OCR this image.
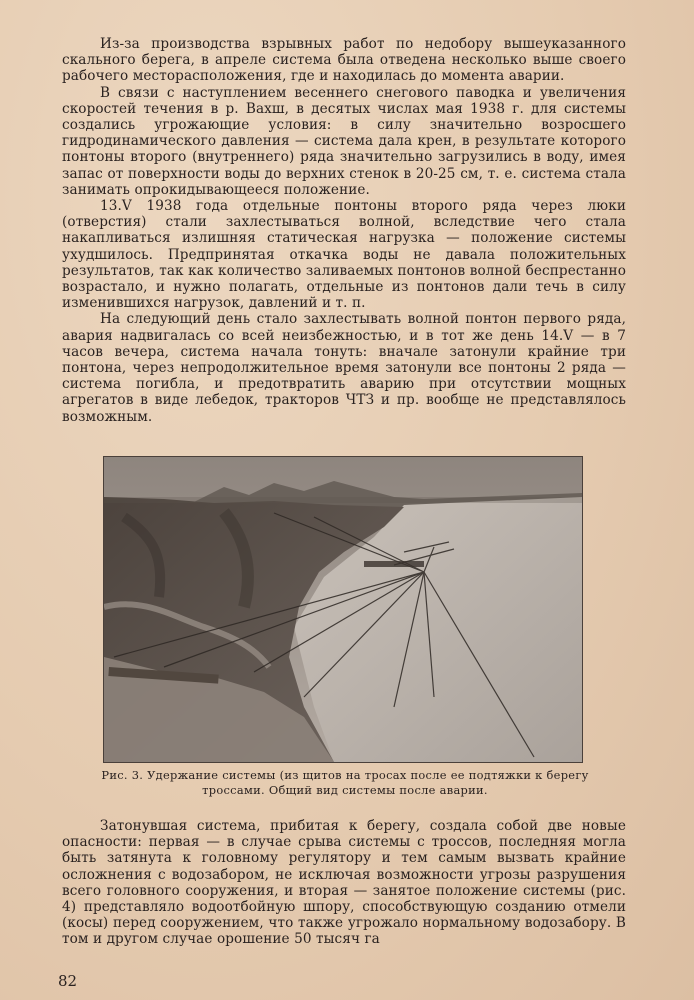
Из-за производства взрывных работ по недобору вышеуказанного скального берега, в апреле система была отведена несколько выше своего рабочего месторасположения, где и находилась до момента аварии.

В связи с наступлением весеннего снегового паводка и увеличения скоростей течения в р. Вахш, в десятых числах мая 1938 г. для системы создались угрожающие условия: в силу значительно возросшего гидродинамического давления — система дала крен, в результате которого понтоны второго (внутреннего) ряда значительно загрузились в воду, имея запас от поверхности воды до верхних стенок в 20-25 см, т. е. система стала занимать опрокидывающееся положение.

13.V 1938 года отдельные понтоны второго ряда через люки (отверстия) стали захлестываться волной, вследствие чего стала накапливаться излишняя статическая нагрузка — положение системы ухудшилось. Предпринятая откачка воды не давала положительных результатов, так как количество заливаемых понтонов волной беспрестанно возрастало, и нужно полагать, отдельные из понтонов дали течь в силу изменившихся нагрузок, давлений и т. п.

На следующий день стало захлестывать волной понтон первого ряда, авария надвигалась со всей неизбежностью, и в тот же день 14.V — в 7 часов вечера, система начала тонуть: вначале затонули крайние три понтона, через непродолжительное время затонули все понтоны 2 ряда — система погибла, и предотвратить аварию при отсутствии мощных агрегатов в виде лебедок, тракторов ЧТЗ и пр. вообще не представлялось возможным.

Рис. 3. Удержание системы (из щитов на тросах после ее подтяжки к берегу тросcами. Общий вид системы после аварии.

Затонувшая система, прибитая к берегу, создала собой две новые опасности: первая — в случае срыва системы с троссов, последняя могла быть затянута к головному регулятору и тем самым вызвать крайние осложнения с водозабором, не исключая возможности угрозы разрушения всего головного сооружения, и вторая — занятое положение системы (рис. 4) представляло водоотбойную шпору, способствующую созданию отмели (косы) перед сооружением, что также угрожало нормальному водозабору. В том и другом случае орошение 50 тысяч га

82
